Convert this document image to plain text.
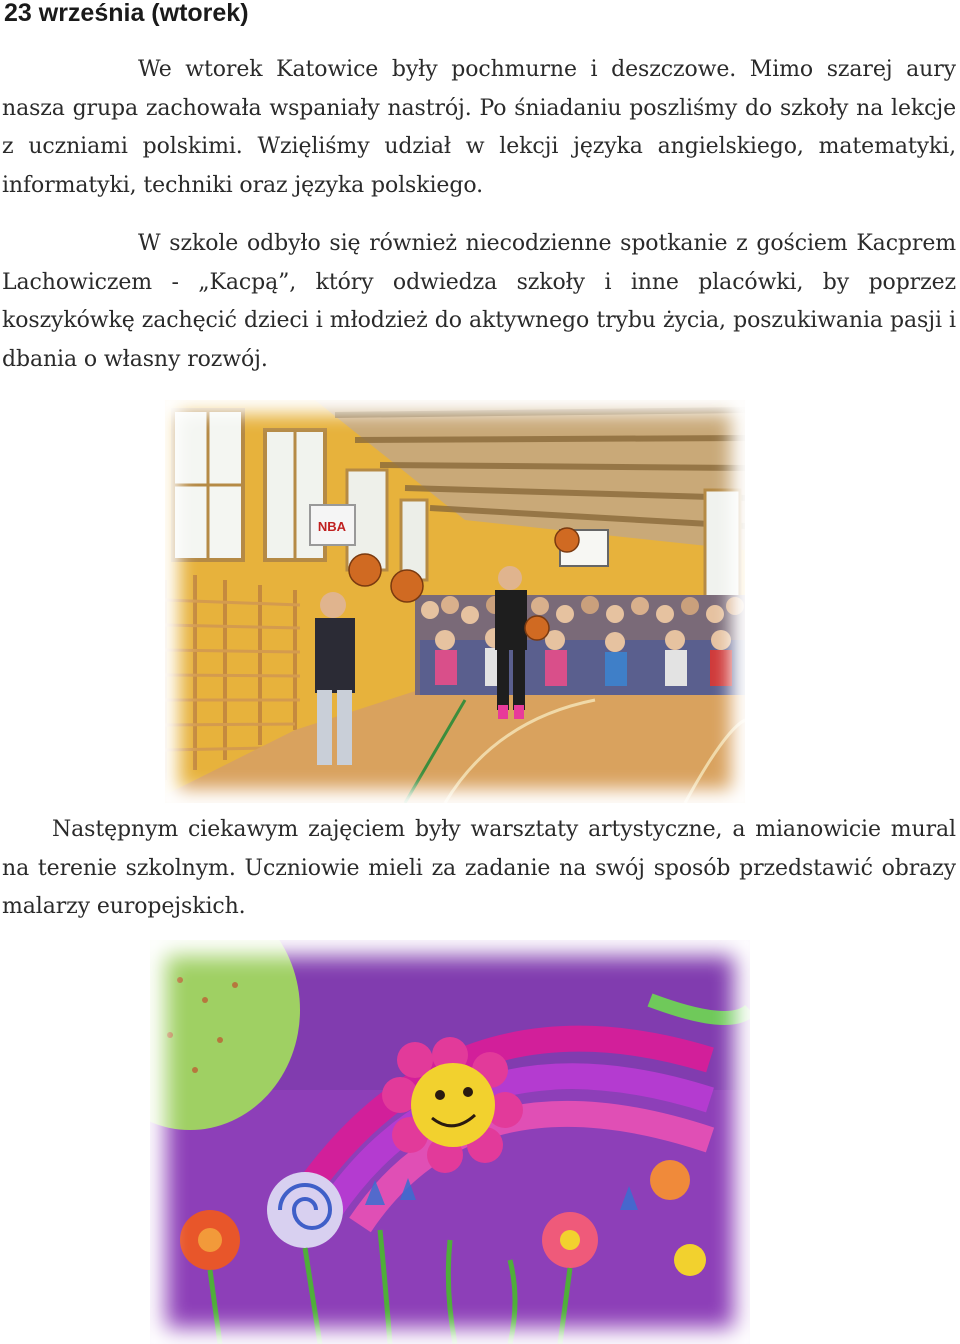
23 września (wtorek)

We wtorek Katowice były pochmurne i deszczowe. Mimo szarej aury nasza grupa zachowała wspaniały nastrój. Po śniadaniu poszliśmy do szkoły na lekcje z uczniami polskimi. Wzięliśmy udział w lekcji języka angielskiego, matematyki, informatyki, techniki oraz języka polskiego.

W szkole odbyło się również niecodzienne spotkanie z gościem Kacprem Lachowiczem - „Kacpą”, który odwiedza szkoły i inne placówki, by poprzez koszykówkę zachęcić dzieci i młodzież do aktywnego trybu życia, poszukiwania pasji i dbania o własny rozwój.

NBA

Następnym ciekawym zajęciem były warsztaty artystyczne, a mianowicie mural na terenie szkolnym. Uczniowie mieli za zadanie na swój sposób przedstawić obrazy malarzy europejskich.
